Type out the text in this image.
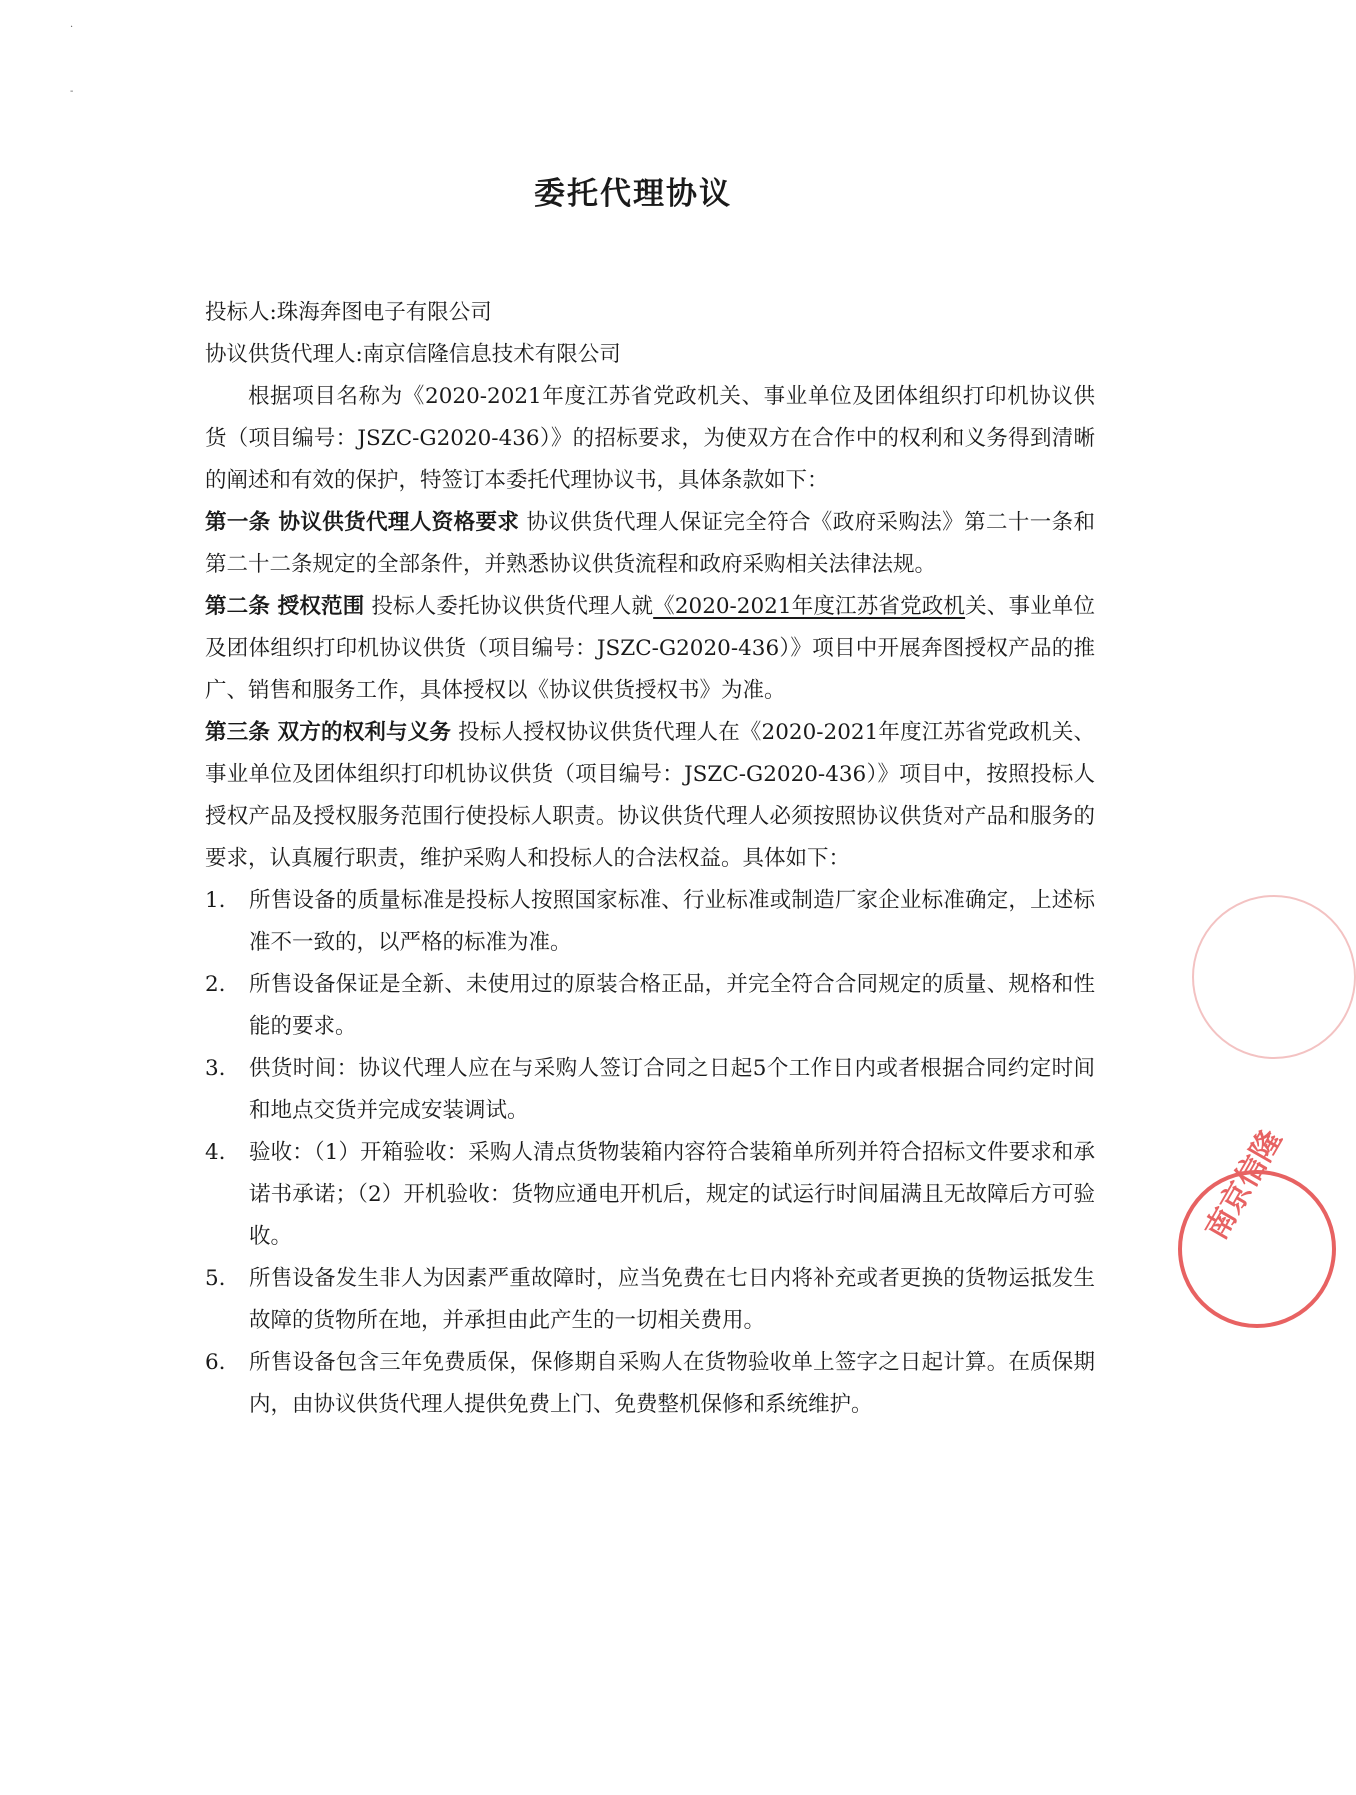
·
-
委托代理协议

投标人:珠海奔图电子有限公司

协议供货代理人:南京信隆信息技术有限公司

根据项目名称为《2020-2021年度江苏省党政机关、事业单位及团体组织打印机协议供货（项目编号：JSZC-G2020-436）》的招标要求，为使双方在合作中的权利和义务得到清晰的阐述和有效的保护，特签订本委托代理协议书，具体条款如下：

第一条 协议供货代理人资格要求 协议供货代理人保证完全符合《政府采购法》第二十一条和第二十二条规定的全部条件，并熟悉协议供货流程和政府采购相关法律法规。

第二条 授权范围 投标人委托协议供货代理人就《2020-2021年度江苏省党政机关、事业单位及团体组织打印机协议供货（项目编号：JSZC-G2020-436）》项目中开展奔图授权产品的推广、销售和服务工作，具体授权以《协议供货授权书》为准。

第三条 双方的权利与义务 投标人授权协议供货代理人在《2020-2021年度江苏省党政机关、事业单位及团体组织打印机协议供货（项目编号：JSZC-G2020-436）》项目中，按照投标人授权产品及授权服务范围行使投标人职责。协议供货代理人必须按照协议供货对产品和服务的要求，认真履行职责，维护采购人和投标人的合法权益。具体如下：

1. 所售设备的质量标准是投标人按照国家标准、行业标准或制造厂家企业标准确定，上述标准不一致的，以严格的标准为准。
2. 所售设备保证是全新、未使用过的原装合格正品，并完全符合合同规定的质量、规格和性能的要求。
3. 供货时间：协议代理人应在与采购人签订合同之日起5个工作日内或者根据合同约定时间和地点交货并完成安装调试。
4. 验收：（1）开箱验收：采购人清点货物装箱内容符合装箱单所列并符合招标文件要求和承诺书承诺；（2）开机验收：货物应通电开机后，规定的试运行时间届满且无故障后方可验收。
5. 所售设备发生非人为因素严重故障时，应当免费在七日内将补充或者更换的货物运抵发生故障的货物所在地，并承担由此产生的一切相关费用。
6. 所售设备包含三年免费质保，保修期自采购人在货物验收单上签字之日起计算。在质保期内，由协议供货代理人提供免费上门、免费整机保修和系统维护。
南京信隆
